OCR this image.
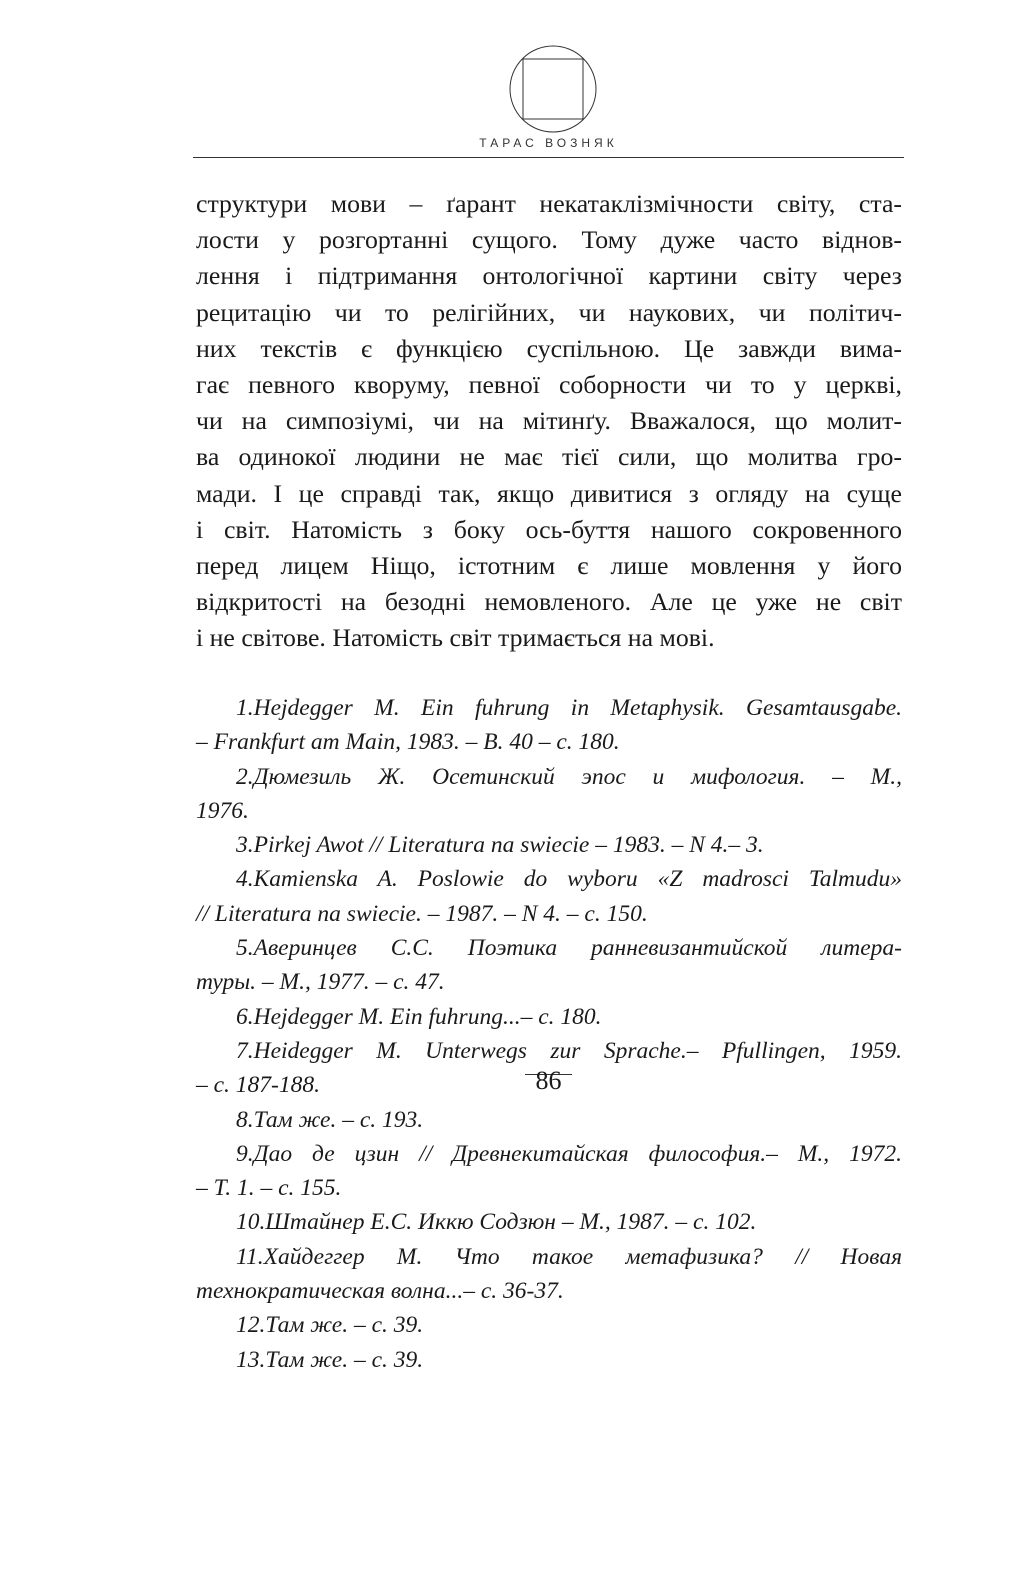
ТАРАС ВОЗНЯК
структури мови – ґарант некатаклізмічности світу, ста-
лости у розгортанні сущого. Тому дуже часто віднов-
лення і підтримання онтологічної картини світу через
рецитацію чи то релігійних, чи наукових, чи політич-
них текстів є функцією суспільною. Це завжди вима-
гає певного кворуму, певної соборности чи то у церкві,
чи на симпозіумі, чи на мітинґу. Вважалося, що молит-
ва одинокої людини не має тієї сили, що молитва гро-
мади. І це справді так, якщо дивитися з огляду на суще
і світ. Натомість з боку ось-буття нашого сокровенного
перед лицем Ніщо, істотним є лише мовлення у його
відкритості на безодні немовленого. Але це уже не світ
і не світове. Натомість світ тримається на мові.
1.Hejdegger M. Ein fuhrung in Metaphysik. Gesamtausgabe.
– Frankfurt am Main, 1983. – B. 40 – c. 180.
2.Дюмезиль Ж. Осетинский эпос и мифология. – М.,
1976.
3.Pirkej Awot // Literatura na swiecie – 1983. – N 4.– 3.
4.Kamienska A. Poslowie do wyboru «Z madrosci Talmudu»
// Literatura na swiecie. – 1987. – N 4. – c. 150.
5.Аверинцев С.С. Поэтика ранневизантийской литера-
туры. – М., 1977. – с. 47.
6.Hejdegger M. Ein fuhrung...– c. 180.
7.Heidegger M. Unterwegs zur Sprache.– Pfullingen, 1959.
– c. 187-188.
8.Там же. – с. 193.
9.Дао де цзин // Древнекитайская философия.– М., 1972.
– Т. 1. – с. 155.
10.Штайнер Е.С. Иккю Содзюн – М., 1987. – с. 102.
11.Хайдеггер М. Что такое метафизика? // Новая
технократическая волна...– с. 36-37.
12.Там же. – с. 39.
13.Там же. – с. 39.
86
